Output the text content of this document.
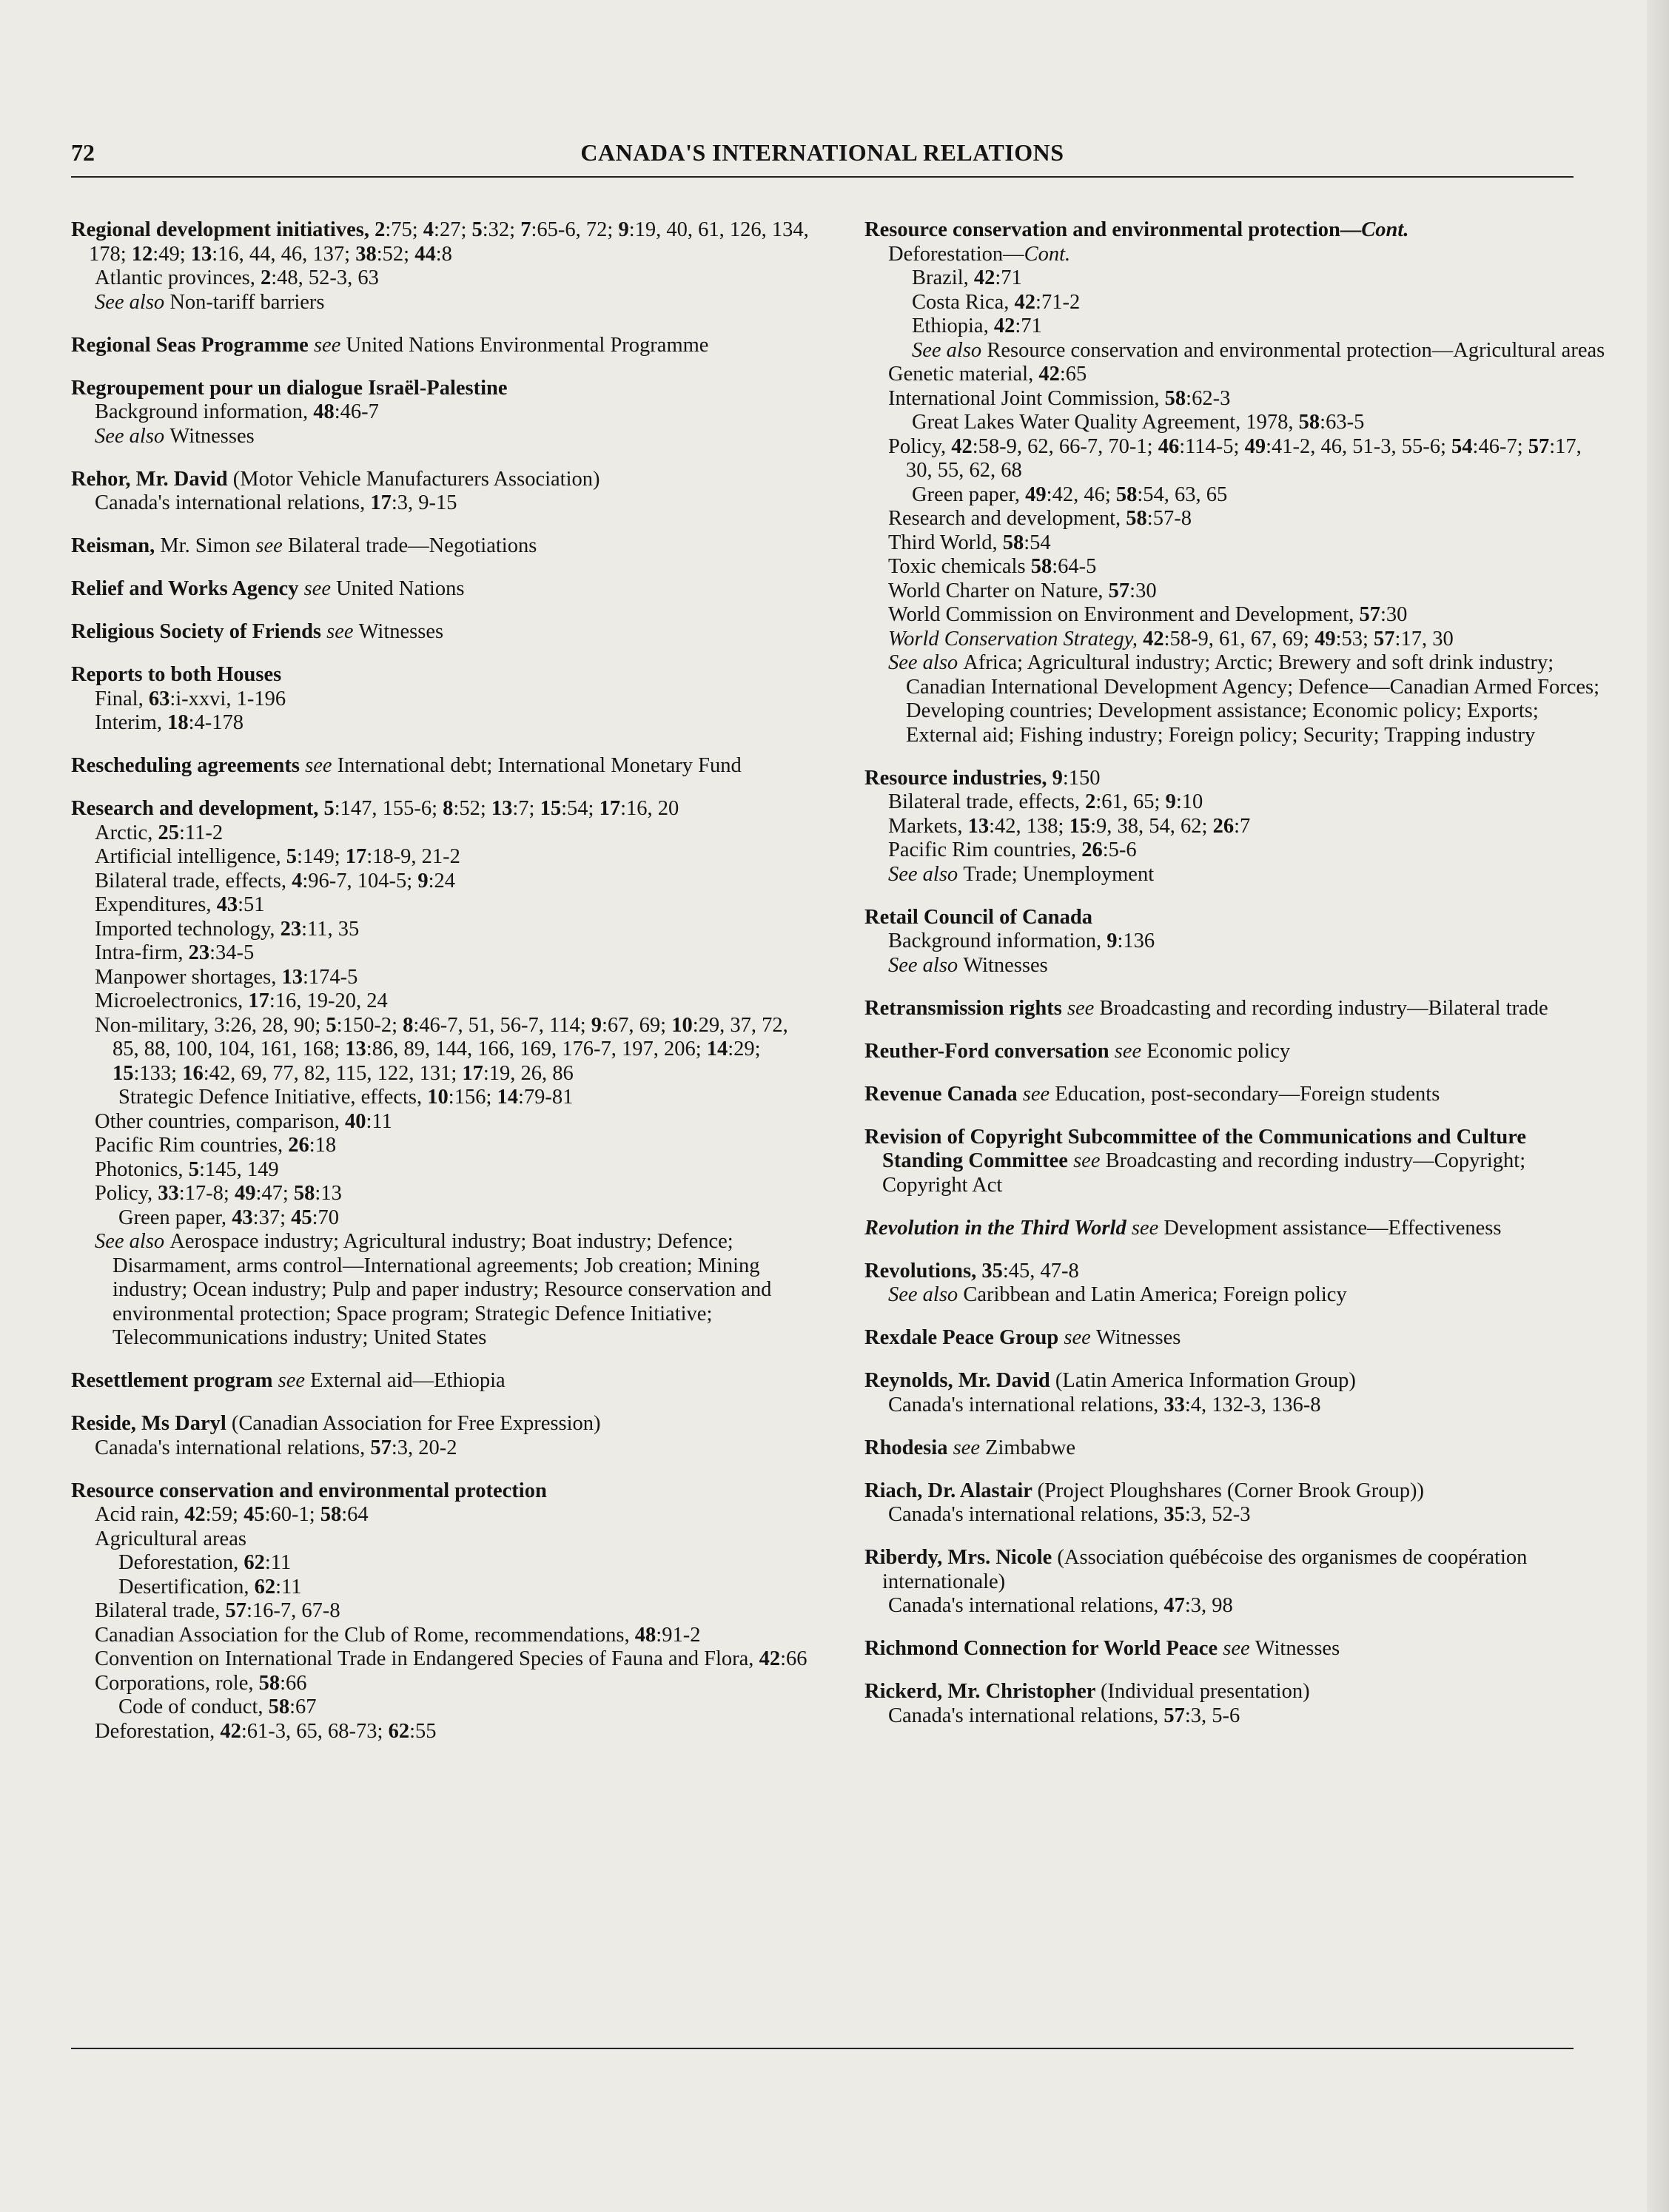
72	CANADA'S INTERNATIONAL RELATIONS
Regional development initiatives, 2:75; 4:27; 5:32; 7:65-6, 72; 9:19, 40, 61, 126, 134, 178; 12:49; 13:16, 44, 46, 137; 38:52; 44:8
Atlantic provinces, 2:48, 52-3, 63
See also Non-tariff barriers
Regional Seas Programme see United Nations Environmental Programme
Regroupement pour un dialogue Israël-Palestine
Background information, 48:46-7
See also Witnesses
Rehor, Mr. David (Motor Vehicle Manufacturers Association)
Canada's international relations, 17:3, 9-15
Reisman, Mr. Simon see Bilateral trade—Negotiations
Relief and Works Agency see United Nations
Religious Society of Friends see Witnesses
Reports to both Houses
Final, 63:i-xxvi, 1-196
Interim, 18:4-178
Rescheduling agreements see International debt; International Monetary Fund
Research and development, 5:147, 155-6; 8:52; 13:7; 15:54; 17:16, 20
Arctic, 25:11-2
Artificial intelligence, 5:149; 17:18-9, 21-2
Bilateral trade, effects, 4:96-7, 104-5; 9:24
Expenditures, 43:51
Imported technology, 23:11, 35
Intra-firm, 23:34-5
Manpower shortages, 13:174-5
Microelectronics, 17:16, 19-20, 24
Non-military, 3:26, 28, 90; 5:150-2; 8:46-7, 51, 56-7, 114; 9:67, 69; 10:29, 37, 72, 85, 88, 100, 104, 161, 168; 13:86, 89, 144, 166, 169, 176-7, 197, 206; 14:29; 15:133; 16:42, 69, 77, 82, 115, 122, 131; 17:19, 26, 86
Strategic Defence Initiative, effects, 10:156; 14:79-81
Other countries, comparison, 40:11
Pacific Rim countries, 26:18
Photonics, 5:145, 149
Policy, 33:17-8; 49:47; 58:13
Green paper, 43:37; 45:70
See also Aerospace industry; Agricultural industry; Boat industry; Defence; Disarmament, arms control—International agreements; Job creation; Mining industry; Ocean industry; Pulp and paper industry; Resource conservation and environmental protection; Space program; Strategic Defence Initiative; Telecommunications industry; United States
Resettlement program see External aid—Ethiopia
Reside, Ms Daryl (Canadian Association for Free Expression)
Canada's international relations, 57:3, 20-2
Resource conservation and environmental protection
Acid rain, 42:59; 45:60-1; 58:64
Agricultural areas
Deforestation, 62:11
Desertification, 62:11
Bilateral trade, 57:16-7, 67-8
Canadian Association for the Club of Rome, recommendations, 48:91-2
Convention on International Trade in Endangered Species of Fauna and Flora, 42:66
Corporations, role, 58:66
Code of conduct, 58:67
Deforestation, 42:61-3, 65, 68-73; 62:55
Resource conservation and environmental protection—Cont.
Deforestation—Cont.
Brazil, 42:71
Costa Rica, 42:71-2
Ethiopia, 42:71
See also Resource conservation and environmental protection—Agricultural areas
Genetic material, 42:65
International Joint Commission, 58:62-3
Great Lakes Water Quality Agreement, 1978, 58:63-5
Policy, 42:58-9, 62, 66-7, 70-1; 46:114-5; 49:41-2, 46, 51-3, 55-6; 54:46-7; 57:17, 30, 55, 62, 68
Green paper, 49:42, 46; 58:54, 63, 65
Research and development, 58:57-8
Third World, 58:54
Toxic chemicals 58:64-5
World Charter on Nature, 57:30
World Commission on Environment and Development, 57:30
World Conservation Strategy, 42:58-9, 61, 67, 69; 49:53; 57:17, 30
See also Africa; Agricultural industry; Arctic; Brewery and soft drink industry; Canadian International Development Agency; Defence—Canadian Armed Forces; Developing countries; Development assistance; Economic policy; Exports; External aid; Fishing industry; Foreign policy; Security; Trapping industry
Resource industries, 9:150
Bilateral trade, effects, 2:61, 65; 9:10
Markets, 13:42, 138; 15:9, 38, 54, 62; 26:7
Pacific Rim countries, 26:5-6
See also Trade; Unemployment
Retail Council of Canada
Background information, 9:136
See also Witnesses
Retransmission rights see Broadcasting and recording industry—Bilateral trade
Reuther-Ford conversation see Economic policy
Revenue Canada see Education, post-secondary—Foreign students
Revision of Copyright Subcommittee of the Communications and Culture Standing Committee see Broadcasting and recording industry—Copyright; Copyright Act
Revolution in the Third World see Development assistance—Effectiveness
Revolutions, 35:45, 47-8
See also Caribbean and Latin America; Foreign policy
Rexdale Peace Group see Witnesses
Reynolds, Mr. David (Latin America Information Group)
Canada's international relations, 33:4, 132-3, 136-8
Rhodesia see Zimbabwe
Riach, Dr. Alastair (Project Ploughshares (Corner Brook Group))
Canada's international relations, 35:3, 52-3
Riberdy, Mrs. Nicole (Association québécoise des organismes de coopération internationale)
Canada's international relations, 47:3, 98
Richmond Connection for World Peace see Witnesses
Rickerd, Mr. Christopher (Individual presentation)
Canada's international relations, 57:3, 5-6
